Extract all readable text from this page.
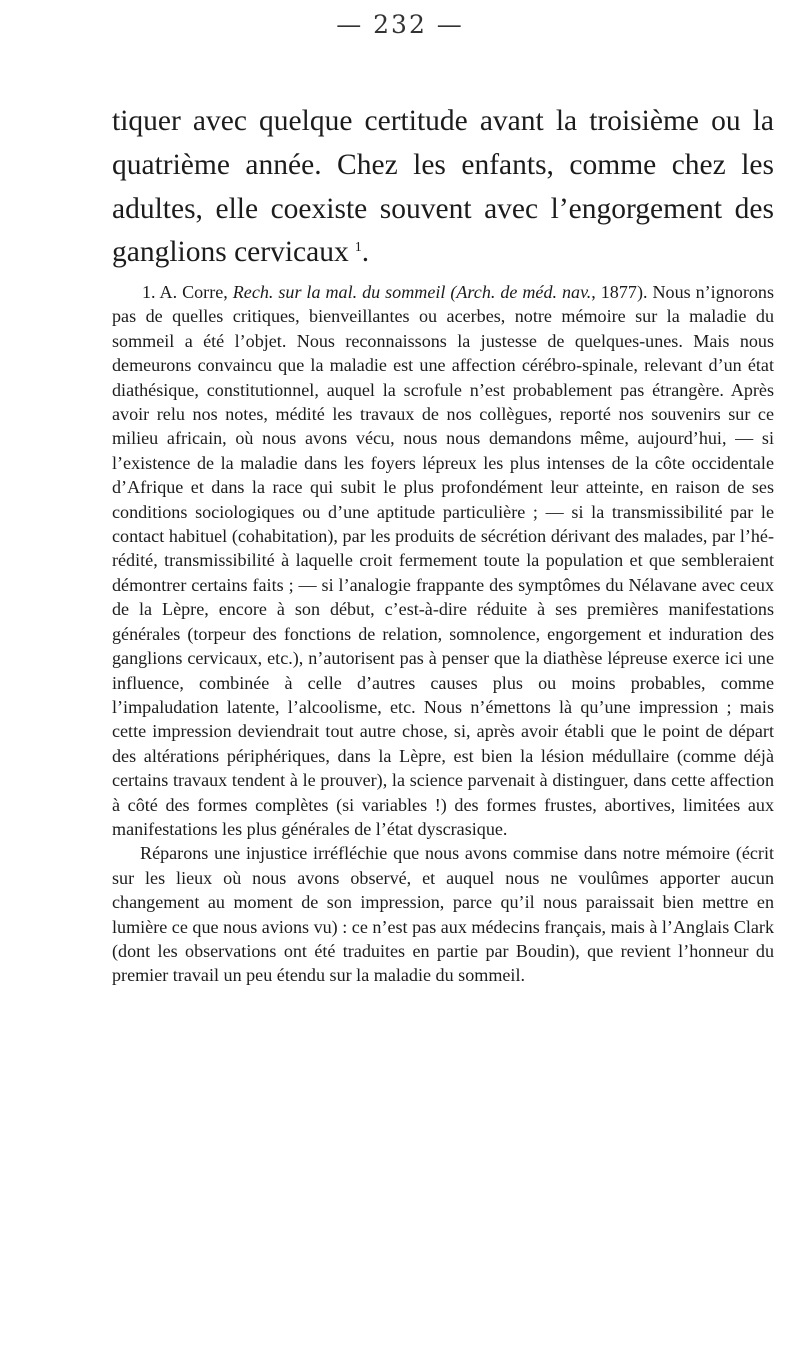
— 232 —

tiquer avec quelque certitude avant la troisième ou la quatrième année. Chez les enfants, comme chez les adultes, elle coexiste souvent avec l’engorgement des ganglions cervicaux $^1$.

1. A. Corre, Rech. sur la mal. du sommeil (Arch. de méd. nav., 1877). Nous n’ignorons pas de quelles critiques, bienveillantes ou acerbes, notre mémoire sur la maladie du sommeil a été l’objet. Nous reconnaissons la justesse de quelques-unes. Mais nous demeurons convaincu que la maladie est une affection cérébro-spinale, relevant d’un état diathésique, constitutionnel, auquel la scrofule n’est probablement pas étrangère. Après avoir relu nos notes, médité les travaux de nos collègues, reporté nos souvenirs sur ce milieu africain, où nous avons vécu, nous nous demandons même, aujourd’hui, — si l’existence de la maladie dans les foyers lépreux les plus intenses de la côte occidentale d’Afrique et dans la race qui subit le plus profondément leur atteinte, en raison de ses conditions sociologiques ou d’une aptitude particulière ; — si la transmissibilité par le contact habituel (cohabitation), par les produits de sécrétion dérivant des malades, par l’hérédité, transmissibilité à laquelle croit fermement toute la population et que sembleraient démontrer certains faits ; — si l’analogie frappante des symptômes du Nélavane avec ceux de la Lèpre, encore à son début, c’est-à-dire réduite à ses premières manifestations générales (torpeur des fonctions de relation, somnolence, engorgement et induration des ganglions cervicaux, etc.), n’autorisent pas à penser que la diathèse lépreuse exerce ici une influence, combinée à celle d’autres causes plus ou moins probables, comme l’impaludation latente, l’alcoolisme, etc. Nous n’émettons là qu’une impression ; mais cette impression deviendrait tout autre chose, si, après avoir établi que le point de départ des altérations périphériques, dans la Lèpre, est bien la lésion médullaire (comme déjà certains travaux tendent à le prouver), la science parvenait à distinguer, dans cette affection à côté des formes complètes (si variables !) des formes frustes, abortives, limitées aux manifestations les plus générales de l’état dyscrasique.

Réparons une injustice irréfléchie que nous avons commise dans notre mémoire (écrit sur les lieux où nous avons observé, et auquel nous ne voulûmes apporter aucun changement au moment de son impression, parce qu’il nous paraissait bien mettre en lumière ce que nous avions vu) : ce n’est pas aux médecins français, mais à l’Anglais Clark (dont les observations ont été traduites en partie par Boudin), que revient l’honneur du premier travail un peu étendu sur la maladie du sommeil.
